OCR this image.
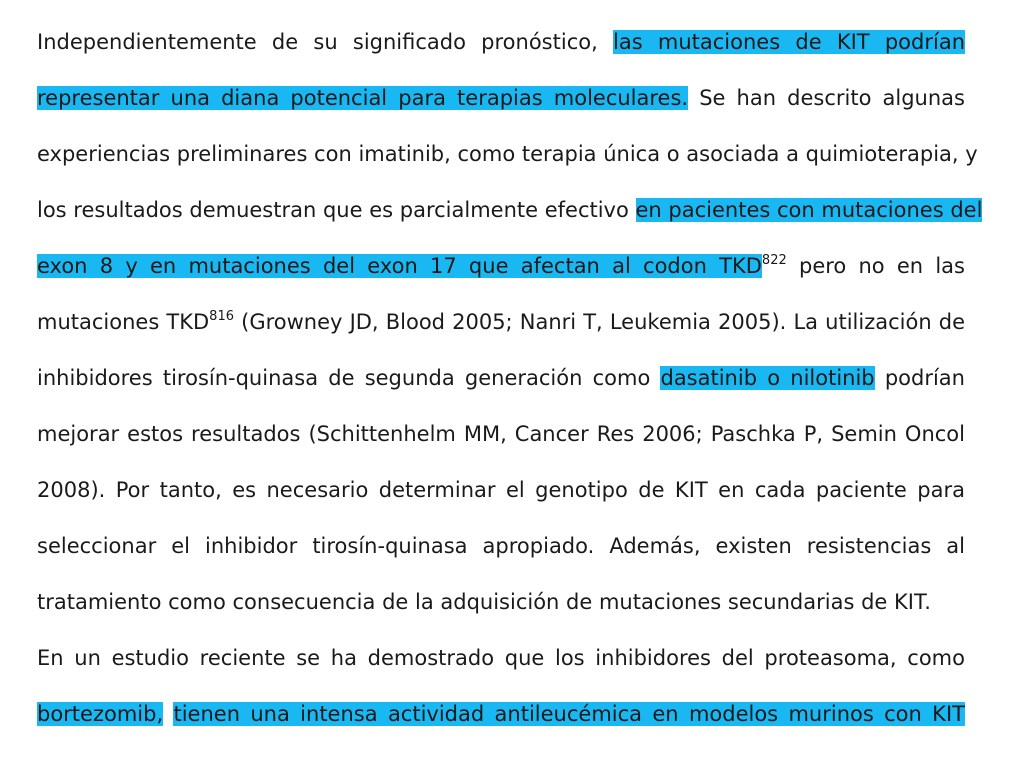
Independientemente de su significado pronóstico, las mutaciones de KIT podrían
representar una diana potencial para terapias moleculares. Se han descrito algunas
experiencias preliminares con imatinib, como terapia única o asociada a quimioterapia, y
los resultados demuestran que es parcialmente efectivo en pacientes con mutaciones del
exon 8 y en mutaciones del exon 17 que afectan al codon TKD$^{822}$ pero no en las
mutaciones TKD$^{816}$ (Growney JD, Blood 2005; Nanri T, Leukemia 2005). La utilización de
inhibidores tirosín-quinasa de segunda generación como dasatinib o nilotinib podrían
mejorar estos resultados (Schittenhelm MM, Cancer Res 2006; Paschka P, Semin Oncol
2008). Por tanto, es necesario determinar el genotipo de KIT en cada paciente para
seleccionar el inhibidor tirosín-quinasa apropiado. Además, existen resistencias al
tratamiento como consecuencia de la adquisición de mutaciones secundarias de KIT.
En un estudio reciente se ha demostrado que los inhibidores del proteasoma, como
bortezomib, tienen una intensa actividad antileucémica en modelos murinos con KIT
